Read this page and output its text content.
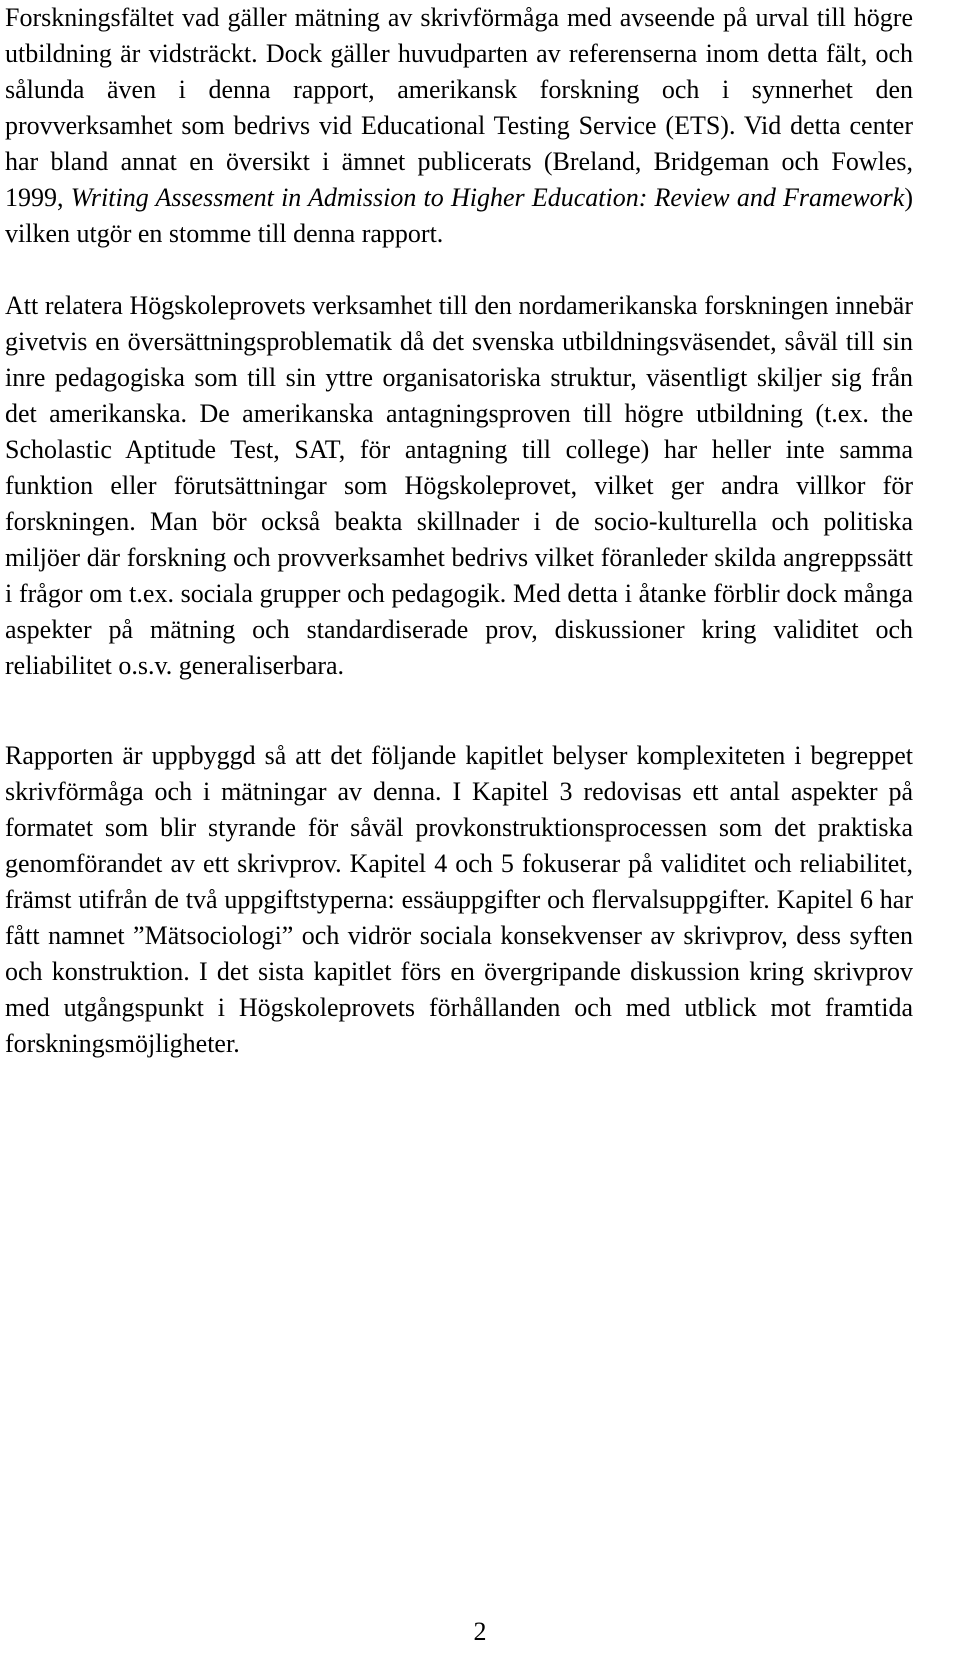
Forskningsfältet vad gäller mätning av skrivförmåga med avseende på urval till högre utbildning är vidsträckt. Dock gäller huvudparten av referenserna inom detta fält, och sålunda även i denna rapport, amerikansk forskning och i synnerhet den provverksamhet som bedrivs vid Educational Testing Service (ETS). Vid detta center har bland annat en översikt i ämnet publicerats (Breland, Bridgeman och Fowles, 1999, Writing Assessment in Admission to Higher Education: Review and Framework) vilken utgör en stomme till denna rapport.

Att relatera Högskoleprovets verksamhet till den nordamerikanska forskningen innebär givetvis en översättningsproblematik då det svenska utbildningsväsendet, såväl till sin inre pedagogiska som till sin yttre organisatoriska struktur, väsentligt skiljer sig från det amerikanska. De amerikanska antagningsproven till högre utbildning (t.ex. the Scholastic Aptitude Test, SAT, för antagning till college) har heller inte samma funktion eller förutsättningar som Högskoleprovet, vilket ger andra villkor för forskningen. Man bör också beakta skillnader i de socio-kulturella och politiska miljöer där forskning och provverksamhet bedrivs vilket föranleder skilda angreppssätt i frågor om t.ex. sociala grupper och pedagogik. Med detta i åtanke förblir dock många aspekter på mätning och standardiserade prov, diskussioner kring validitet och reliabilitet o.s.v. generaliserbara.

Rapporten är uppbyggd så att det följande kapitlet belyser komplexiteten i begreppet skrivförmåga och i mätningar av denna. I Kapitel 3 redovisas ett antal aspekter på formatet som blir styrande för såväl provkonstruktionsprocessen som det praktiska genomförandet av ett skrivprov. Kapitel 4 och 5 fokuserar på validitet och reliabilitet, främst utifrån de två uppgiftstyperna: essäuppgifter och flervalsuppgifter. Kapitel 6 har fått namnet ”Mätsociologi” och vidrör sociala konsekvenser av skrivprov, dess syften och konstruktion. I det sista kapitlet förs en övergripande diskussion kring skrivprov med utgångspunkt i Högskoleprovets förhållanden och med utblick mot framtida forskningsmöjligheter.

2
